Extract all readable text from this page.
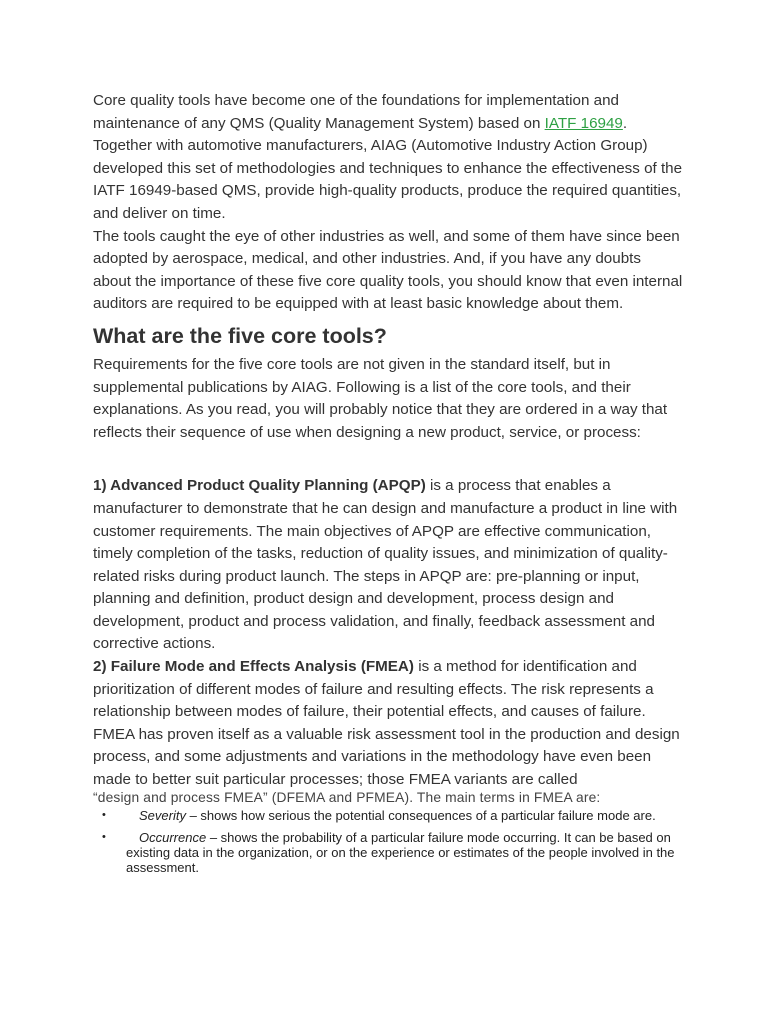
Core quality tools have become one of the foundations for implementation and maintenance of any QMS (Quality Management System) based on IATF 16949. Together with automotive manufacturers, AIAG (Automotive Industry Action Group) developed this set of methodologies and techniques to enhance the effectiveness of the IATF 16949-based QMS, provide high-quality products, produce the required quantities, and deliver on time.

The tools caught the eye of other industries as well, and some of them have since been adopted by aerospace, medical, and other industries. And, if you have any doubts about the importance of these five core quality tools, you should know that even internal auditors are required to be equipped with at least basic knowledge about them.

What are the five core tools?

Requirements for the five core tools are not given in the standard itself, but in supplemental publications by AIAG. Following is a list of the core tools, and their explanations. As you read, you will probably notice that they are ordered in a way that reflects their sequence of use when designing a new product, service, or process:

1) Advanced Product Quality Planning (APQP) is a process that enables a manufacturer to demonstrate that he can design and manufacture a product in line with customer requirements. The main objectives of APQP are effective communication, timely completion of the tasks, reduction of quality issues, and minimization of quality-related risks during product launch. The steps in APQP are: pre-planning or input, planning and definition, product design and development, process design and development, product and process validation, and finally, feedback assessment and corrective actions.

2) Failure Mode and Effects Analysis (FMEA) is a method for identification and prioritization of different modes of failure and resulting effects. The risk represents a relationship between modes of failure, their potential effects, and causes of failure. FMEA has proven itself as a valuable risk assessment tool in the production and design process, and some adjustments and variations in the methodology have even been made to better suit particular processes; those FMEA variants are called

“design and process FMEA” (DFEMA and PFMEA). The main terms in FMEA are:

•	Severity – shows how serious the potential consequences of a particular failure mode are.
•	Occurrence – shows the probability of a particular failure mode occurring. It can be based on existing data in the organization, or on the experience or estimates of the people involved in the assessment.
